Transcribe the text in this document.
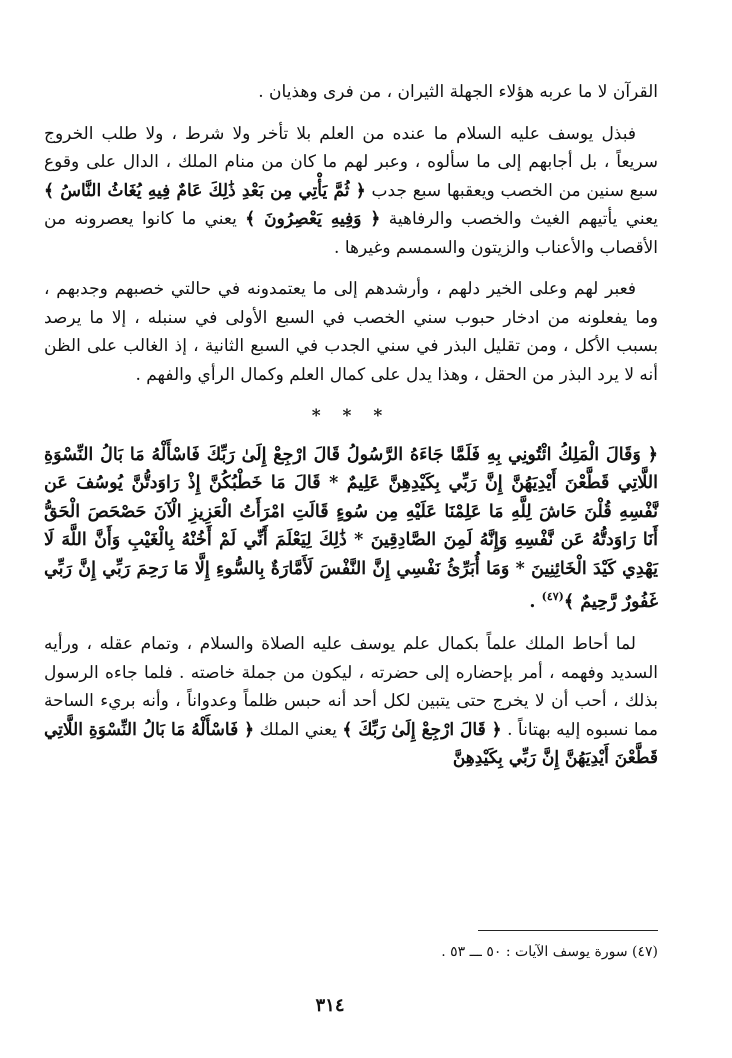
القرآن لا ما عربه هؤلاء الجهلة الثيران ، من فرى وهذيان .

فبذل يوسف عليه السلام ما عنده من العلم بلا تأخر ولا شرط ، ولا طلب الخروج سريعاً ، بل أجابهم إلى ما سألوه ، وعبر لهم ما كان من منام الملك ، الدال على وقوع سبع سنين من الخصب ويعقبها سبع جدب ﴿ ثُمَّ يَأْتِي مِن بَعْدِ ذَٰلِكَ عَامٌ فِيهِ يُغَاثُ النَّاسُ ﴾ يعني يأتيهم الغيث والخصب والرفاهية ﴿ وَفِيهِ يَعْصِرُونَ ﴾ يعني ما كانوا يعصرونه من الأقصاب والأعناب والزيتون والسمسم وغيرها .

فعبر لهم وعلى الخير دلهم ، وأرشدهم إلى ما يعتمدونه في حالتي خصبهم وجدبهم ، وما يفعلونه من ادخار حبوب سني الخصب في السبع الأولى في سنبله ، إلا ما يرصد بسبب الأكل ، ومن تقليل البذر في سني الجدب في السبع الثانية ، إذ الغالب على الظن أنه لا يرد البذر من الحقل ، وهذا يدل على كمال العلم وكمال الرأي والفهم .

* * *
﴿ وَقَالَ الْمَلِكُ ائْتُونِي بِهِ فَلَمَّا جَاءَهُ الرَّسُولُ قَالَ ارْجِعْ إِلَىٰ رَبِّكَ فَاسْأَلْهُ مَا بَالُ النِّسْوَةِ اللَّاتِي قَطَّعْنَ أَيْدِيَهُنَّ إِنَّ رَبِّي بِكَيْدِهِنَّ عَلِيمٌ * قَالَ مَا خَطْبُكُنَّ إِذْ رَاوَدتُّنَّ يُوسُفَ عَن نَّفْسِهِ قُلْنَ حَاشَ لِلَّهِ مَا عَلِمْنَا عَلَيْهِ مِن سُوءٍ قَالَتِ امْرَأَتُ الْعَزِيزِ الْآنَ حَصْحَصَ الْحَقُّ أَنَا رَاوَدتُّهُ عَن نَّفْسِهِ وَإِنَّهُ لَمِنَ الصَّادِقِينَ * ذَٰلِكَ لِيَعْلَمَ أَنِّي لَمْ أَخُنْهُ بِالْغَيْبِ وَأَنَّ اللَّهَ لَا يَهْدِي كَيْدَ الْخَائِنِينَ * وَمَا أُبَرِّئُ نَفْسِي إِنَّ النَّفْسَ لَأَمَّارَةٌ بِالسُّوءِ إِلَّا مَا رَحِمَ رَبِّي إِنَّ رَبِّي غَفُورٌ رَّحِيمٌ ﴾$^{(٤٧)}$ .

لما أحاط الملك علماً بكمال علم يوسف عليه الصلاة والسلام ، وتمام عقله ، ورأيه السديد وفهمه ، أمر بإحضاره إلى حضرته ، ليكون من جملة خاصته . فلما جاءه الرسول بذلك ، أحب أن لا يخرج حتى يتبين لكل أحد أنه حبس ظلماً وعدواناً ، وأنه بريء الساحة مما نسبوه إليه بهتاناً . ﴿ قَالَ ارْجِعْ إِلَىٰ رَبِّكَ ﴾ يعني الملك ﴿ فَاسْأَلْهُ مَا بَالُ النِّسْوَةِ اللَّاتِي قَطَّعْنَ أَيْدِيَهُنَّ إِنَّ رَبِّي بِكَيْدِهِنَّ

(٤٧) سورة يوسف الآيات : ٥٠ ـــ ٥٣ .
٣١٤
